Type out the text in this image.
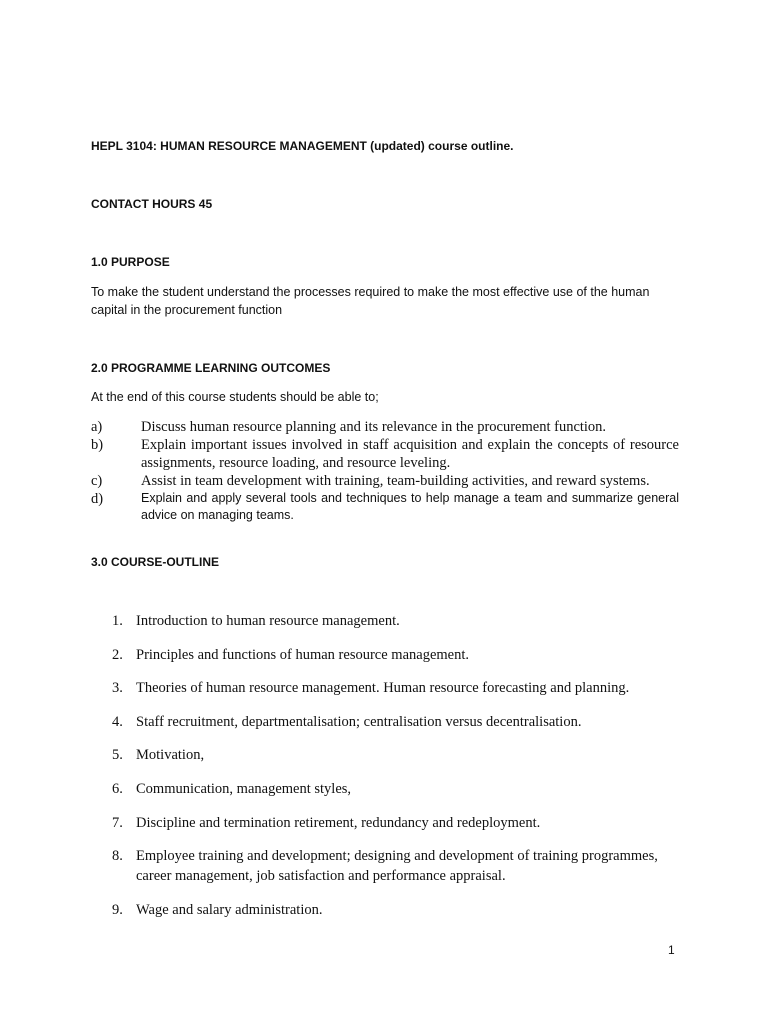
HEPL 3104: HUMAN RESOURCE MANAGEMENT (updated) course outline.
CONTACT HOURS 45
1.0 PURPOSE
To make the student understand the processes required to make the most effective use of the human
capital in the procurement function
2.0 PROGRAMME LEARNING OUTCOMES
At the end of this course students should be able to;
a)	Discuss human resource planning and its relevance in the procurement function.
b)	Explain important issues involved in staff acquisition and explain the concepts of resource assignments, resource loading, and resource leveling.
c)	Assist in team development with training, team-building activities, and reward systems.
d)	Explain and apply several tools and techniques to help manage a team and summarize general advice on managing teams.
3.0 COURSE-OUTLINE
1. Introduction to human resource management.
2. Principles and functions of human resource management.
3. Theories of human resource management. Human resource forecasting and planning.
4. Staff recruitment, departmentalisation; centralisation versus decentralisation.
5. Motivation,
6. Communication, management styles,
7. Discipline and termination retirement, redundancy and redeployment.
8. Employee training and development; designing and development of training programmes, career management, job satisfaction and performance appraisal.
9. Wage and salary administration.
1
